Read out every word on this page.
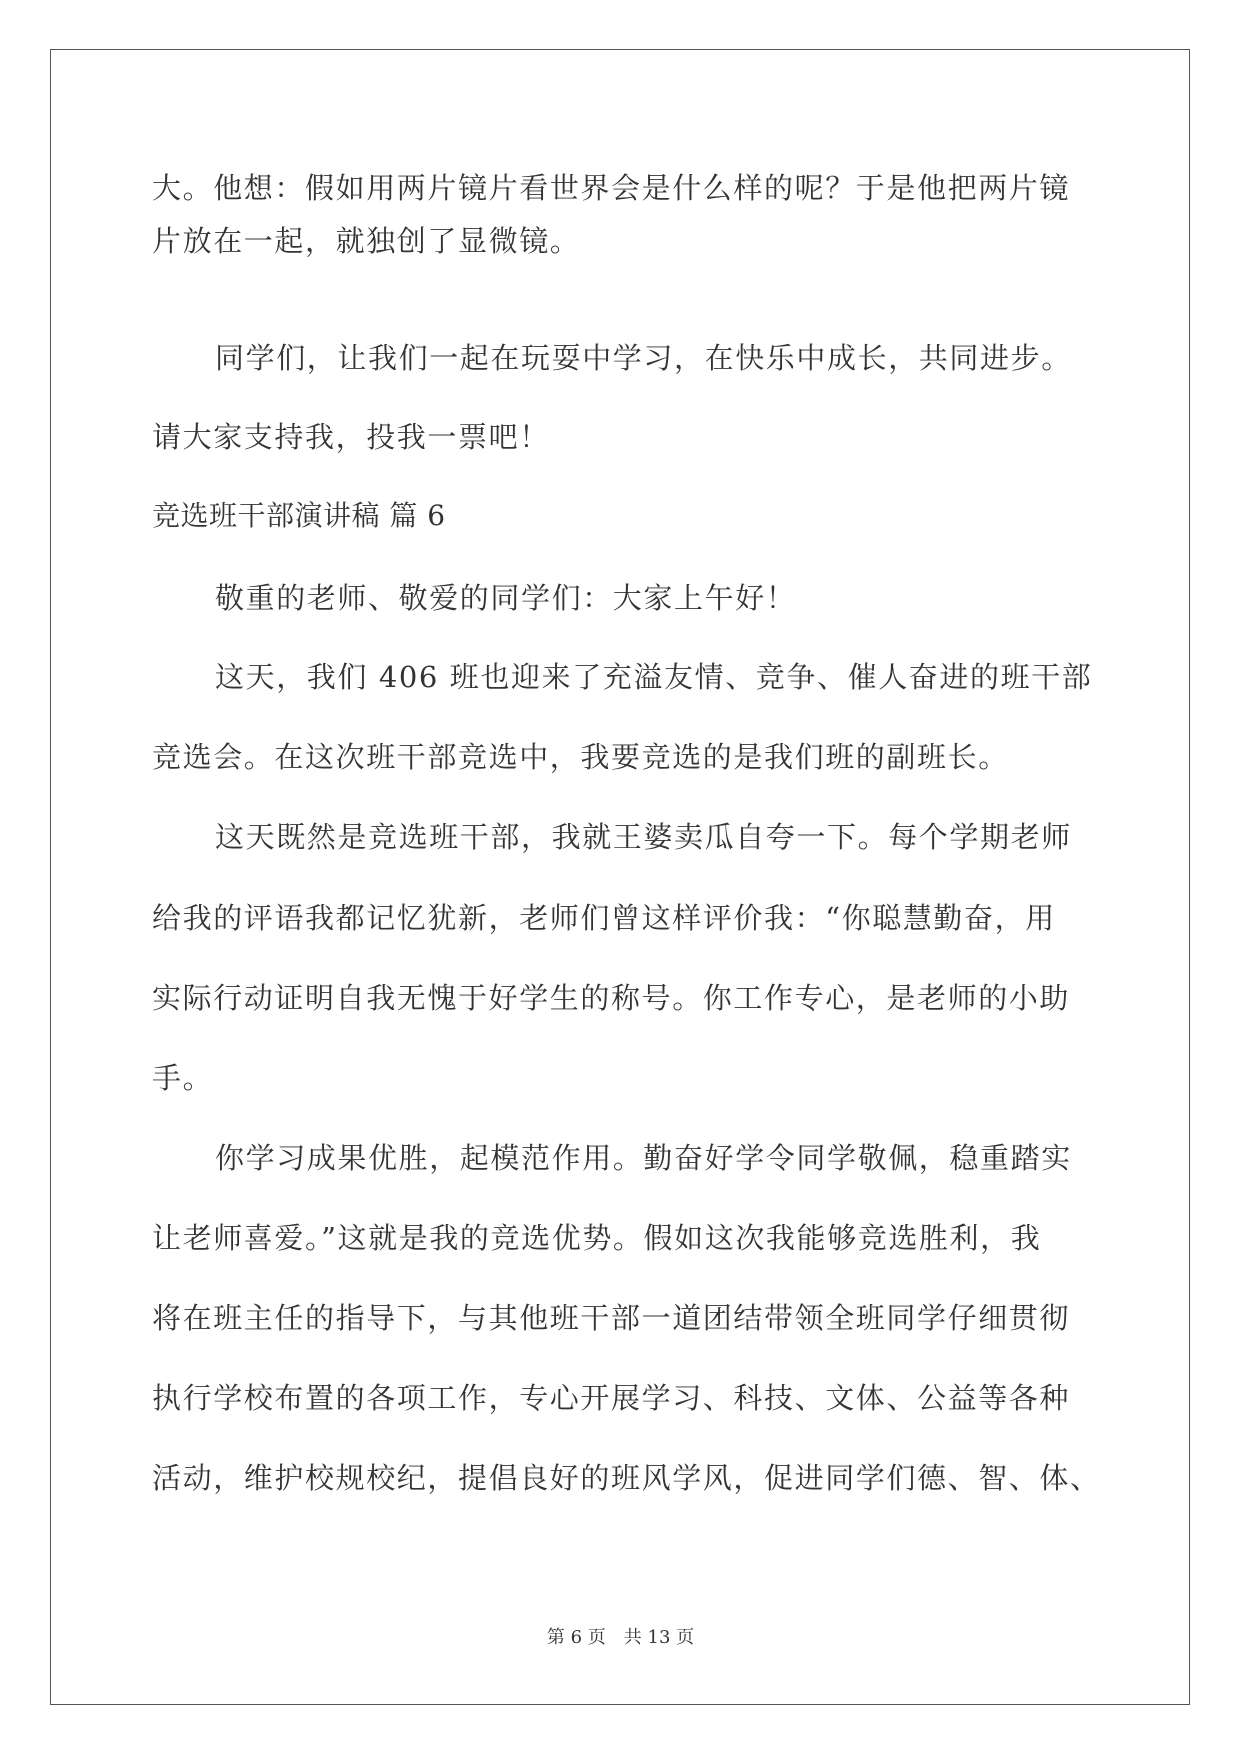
大。他想：假如用两片镜片看世界会是什么样的呢？于是他把两片镜
片放在一起，就独创了显微镜。
同学们，让我们一起在玩耍中学习，在快乐中成长，共同进步。
请大家支持我，投我一票吧！
竞选班干部演讲稿 篇 6
敬重的老师、敬爱的同学们：大家上午好！
这天，我们 406 班也迎来了充溢友情、竞争、催人奋进的班干部
竞选会。在这次班干部竞选中，我要竞选的是我们班的副班长。
这天既然是竞选班干部，我就王婆卖瓜自夸一下。每个学期老师
给我的评语我都记忆犹新，老师们曾这样评价我：“你聪慧勤奋，用
实际行动证明自我无愧于好学生的称号。你工作专心，是老师的小助
手。
你学习成果优胜，起模范作用。勤奋好学令同学敬佩，稳重踏实
让老师喜爱。”这就是我的竞选优势。假如这次我能够竞选胜利，我
将在班主任的指导下，与其他班干部一道团结带领全班同学仔细贯彻
执行学校布置的各项工作，专心开展学习、科技、文体、公益等各种
活动，维护校规校纪，提倡良好的班风学风，促进同学们德、智、体、
第 6 页 共 13 页
